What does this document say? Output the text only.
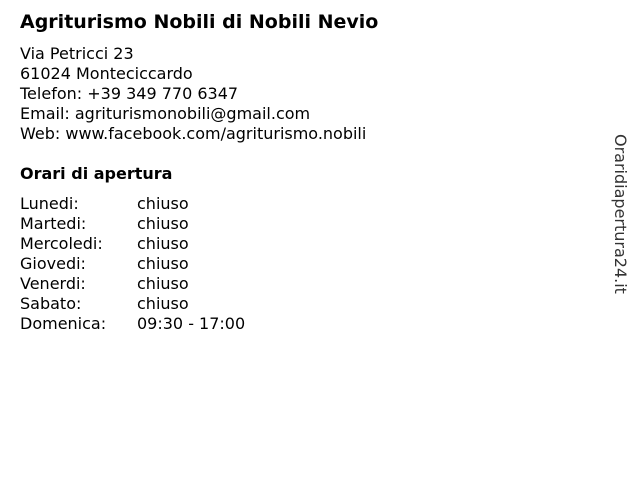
Agriturismo Nobili di Nobili Nevio
Via Petricci 23
61024 Monteciccardo
Telefon: +39 349 770 6347
Email: agriturismonobili@gmail.com
Web: www.facebook.com/agriturismo.nobili
Orari di apertura
Lunedi:	chiuso
Martedi:	chiuso
Mercoledi: chiuso
Giovedi:	chiuso
Venerdi:	chiuso
Sabato:	chiuso
Domenica: 09:30 - 17:00
Oraridiapertura24.it
